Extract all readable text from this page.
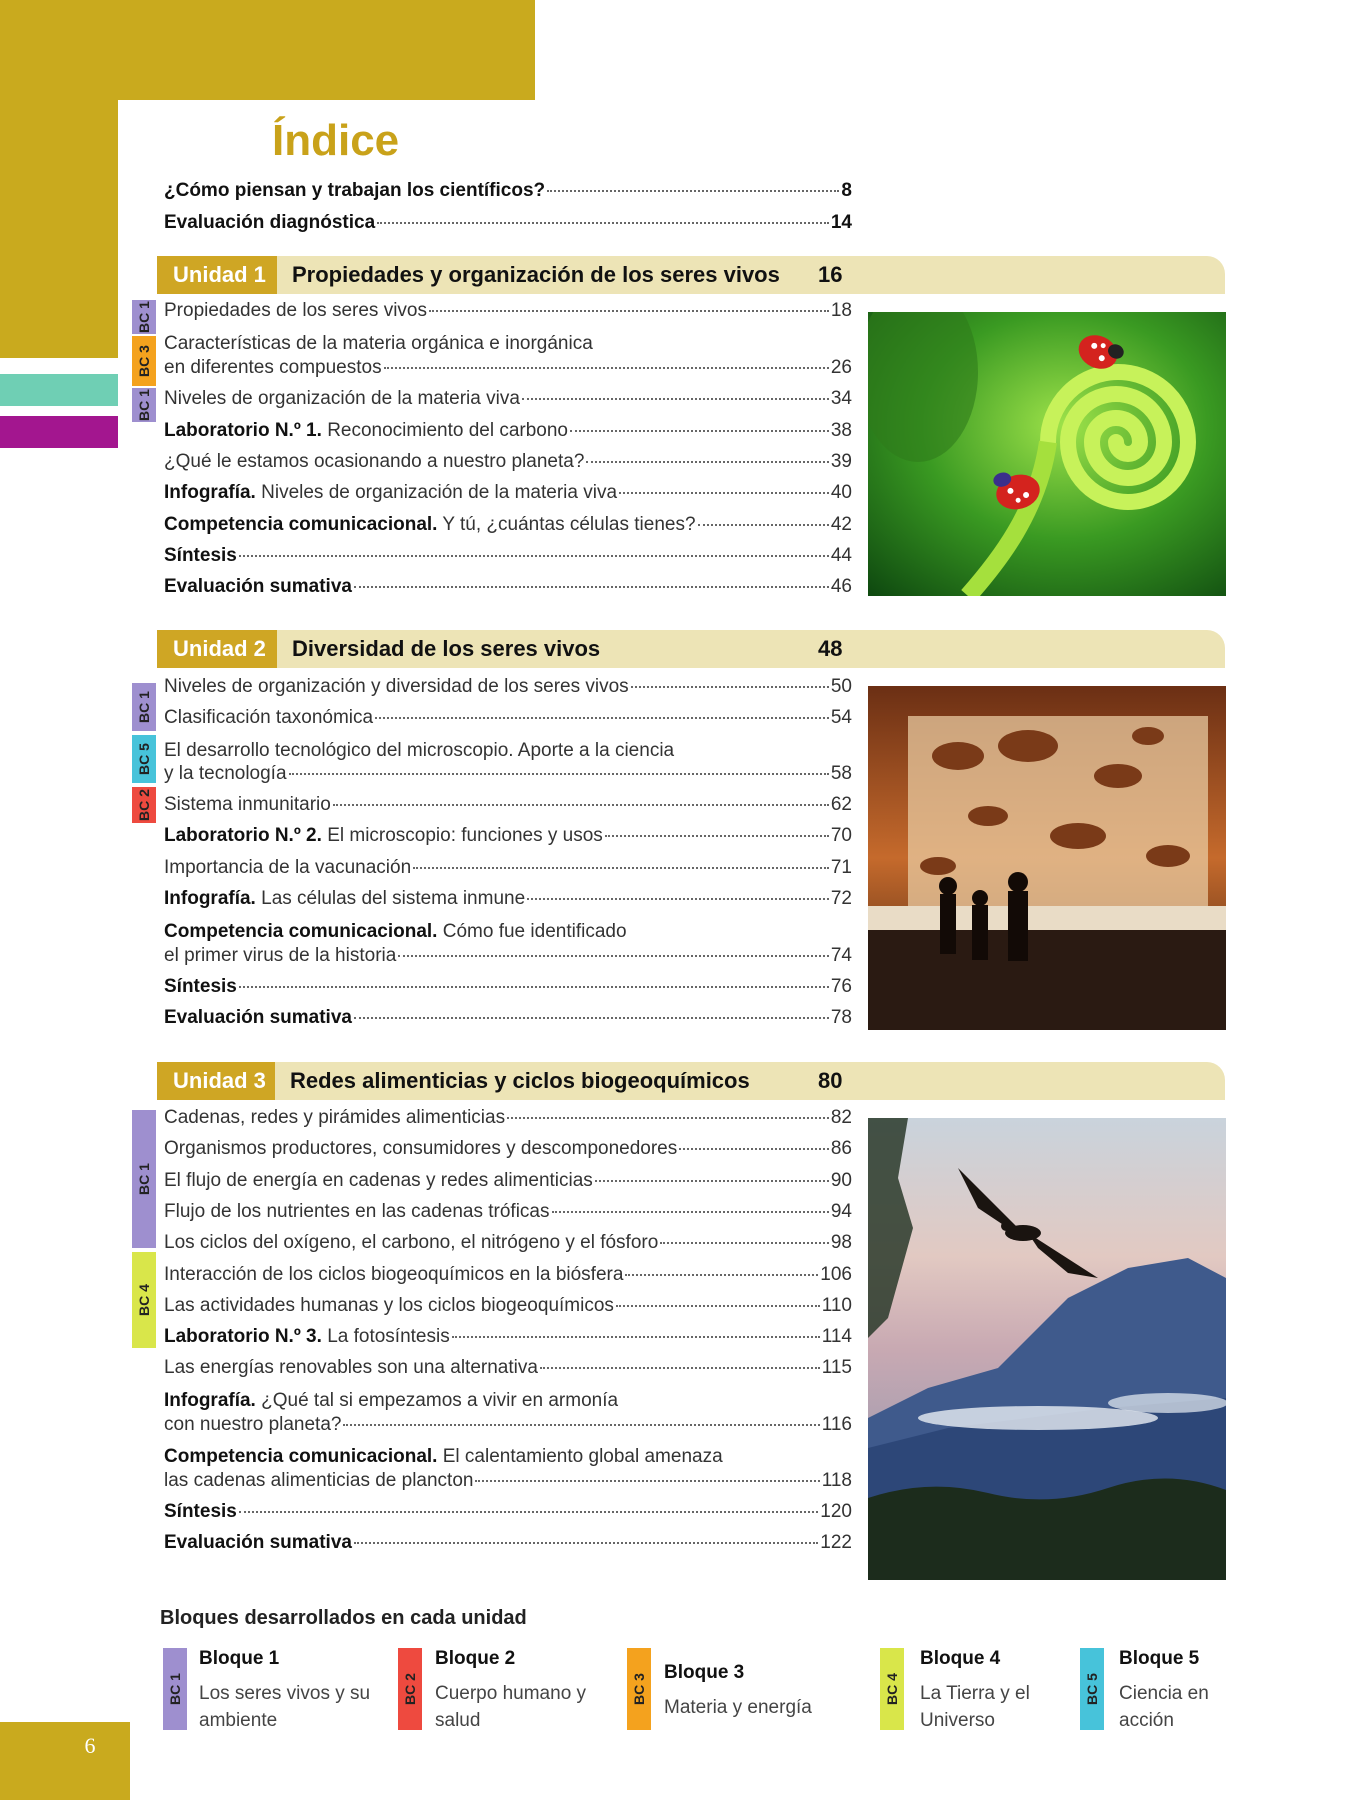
6
Índice
¿Cómo piensan y trabajan los científicos?	8
Evaluación diagnóstica	14
Unidad 1	Propiedades y organización de los seres vivos 16
BC 1
BC 3
BC 1
Propiedades de los seres vivos	18
Características de la materia orgánica e inorgánica
en diferentes compuestos	26
Niveles de organización de la materia viva	34
Laboratorio N.º 1. Reconocimiento del carbono	38
¿Qué le estamos ocasionando a nuestro planeta?	39
Infografía. Niveles de organización de la materia viva	40
Competencia comunicacional. Y tú, ¿cuántas células tienes?	42
Síntesis	44
Evaluación sumativa	46
Unidad 2	Diversidad de los seres vivos	48
BC 1
BC 5
BC 2
Niveles de organización y diversidad de los seres vivos	50
Clasificación taxonómica	54
El desarrollo tecnológico del microscopio. Aporte a la ciencia
y la tecnología	58
Sistema inmunitario	62
Laboratorio N.º 2. El microscopio: funciones y usos	70
Importancia de la vacunación	71
Infografía. Las células del sistema inmune	72
Competencia comunicacional. Cómo fue identificado
el primer virus de la historia	74
Síntesis	76
Evaluación sumativa	78
Unidad 3	Redes alimenticias y ciclos biogeoquímicos	80
BC 1
BC 4
Cadenas, redes y pirámides alimenticias	82
Organismos productores, consumidores y descomponedores	86
El flujo de energía en cadenas y redes alimenticias	90
Flujo de los nutrientes en las cadenas tróficas	94
Los ciclos del oxígeno, el carbono, el nitrógeno y el fósforo	98
Interacción de los ciclos biogeoquímicos en la biósfera	106
Las actividades humanas y los ciclos biogeoquímicos	110
Laboratorio N.º 3. La fotosíntesis	114
Las energías renovables son una alternativa	115
Infografía. ¿Qué tal si empezamos a vivir en armonía
con nuestro planeta?	116
Competencia comunicacional. El calentamiento global amenaza
las cadenas alimenticias de plancton	118
Síntesis	120
Evaluación sumativa	122
Bloques desarrollados en cada unidad
BC 1
Bloque 1
Los seres vivos y su ambiente
BC 2
Bloque 2
Cuerpo humano y salud
BC 3
Bloque 3
Materia y energía
BC 4
Bloque 4
La Tierra y el Universo
BC 5
Bloque 5
Ciencia en acción
